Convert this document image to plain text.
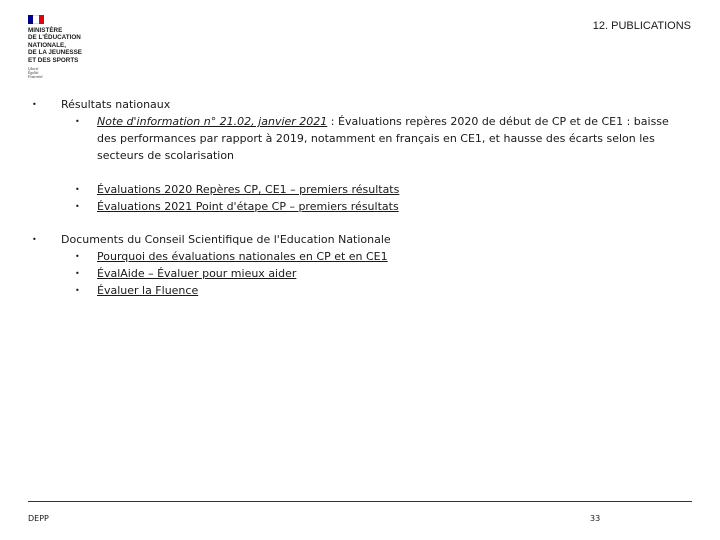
MINISTÈRE
DE L'ÉDUCATION
NATIONALE,
DE LA JEUNESSE
ET DES SPORTS
Liberté
Égalité
Fraternité
12. PUBLICATIONS
• Résultats nationaux
• Note d'information n° 21.02, janvier 2021 : Évaluations repères 2020 de début de CP et de CE1 : baisse
des performances par rapport à 2019, notamment en français en CE1, et hausse des écarts selon les
secteurs de scolarisation
• Évaluations 2020 Repères CP, CE1 – premiers résultats
• Évaluations 2021 Point d'étape CP – premiers résultats
• Documents du Conseil Scientifique de l'Education Nationale
• Pourquoi des évaluations nationales en CP et en CE1
• ÉvalAide – Évaluer pour mieux aider
• Évaluer la Fluence
DEPP	33
